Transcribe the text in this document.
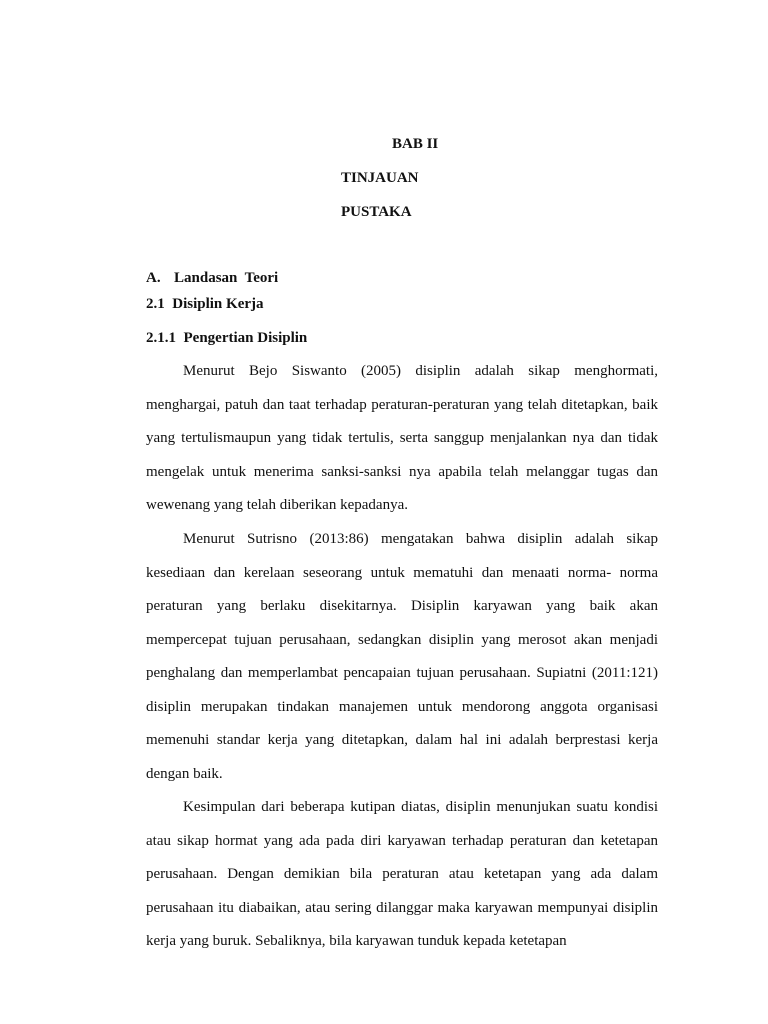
BAB II
TINJAUAN
PUSTAKA
A. Landasan  Teori
2.1  Disiplin Kerja
2.1.1  Pengertian Disiplin

Menurut Bejo Siswanto (2005) disiplin adalah sikap menghormati, menghargai, patuh dan taat terhadap peraturan-peraturan yang telah ditetapkan, baik yang tertulismaupun yang tidak tertulis, serta sanggup menjalankan nya dan tidak mengelak untuk menerima sanksi-sanksi nya apabila telah melanggar tugas dan wewenang yang telah diberikan kepadanya.

Menurut Sutrisno (2013:86) mengatakan bahwa disiplin adalah sikap kesediaan dan kerelaan seseorang untuk mematuhi dan menaati norma- norma peraturan yang berlaku disekitarnya. Disiplin karyawan yang baik akan mempercepat tujuan perusahaan, sedangkan disiplin yang merosot akan menjadi penghalang dan memperlambat pencapaian tujuan perusahaan. Supiatni (2011:121) disiplin merupakan tindakan manajemen untuk mendorong anggota organisasi memenuhi standar kerja yang ditetapkan, dalam hal ini adalah berprestasi kerja dengan baik.

Kesimpulan dari beberapa kutipan diatas, disiplin menunjukan suatu kondisi atau sikap hormat yang ada pada diri karyawan terhadap peraturan dan ketetapan perusahaan. Dengan demikian bila peraturan atau ketetapan yang ada dalam perusahaan itu diabaikan, atau sering dilanggar maka karyawan mempunyai disiplin kerja yang buruk. Sebaliknya, bila karyawan tunduk kepada ketetapan
